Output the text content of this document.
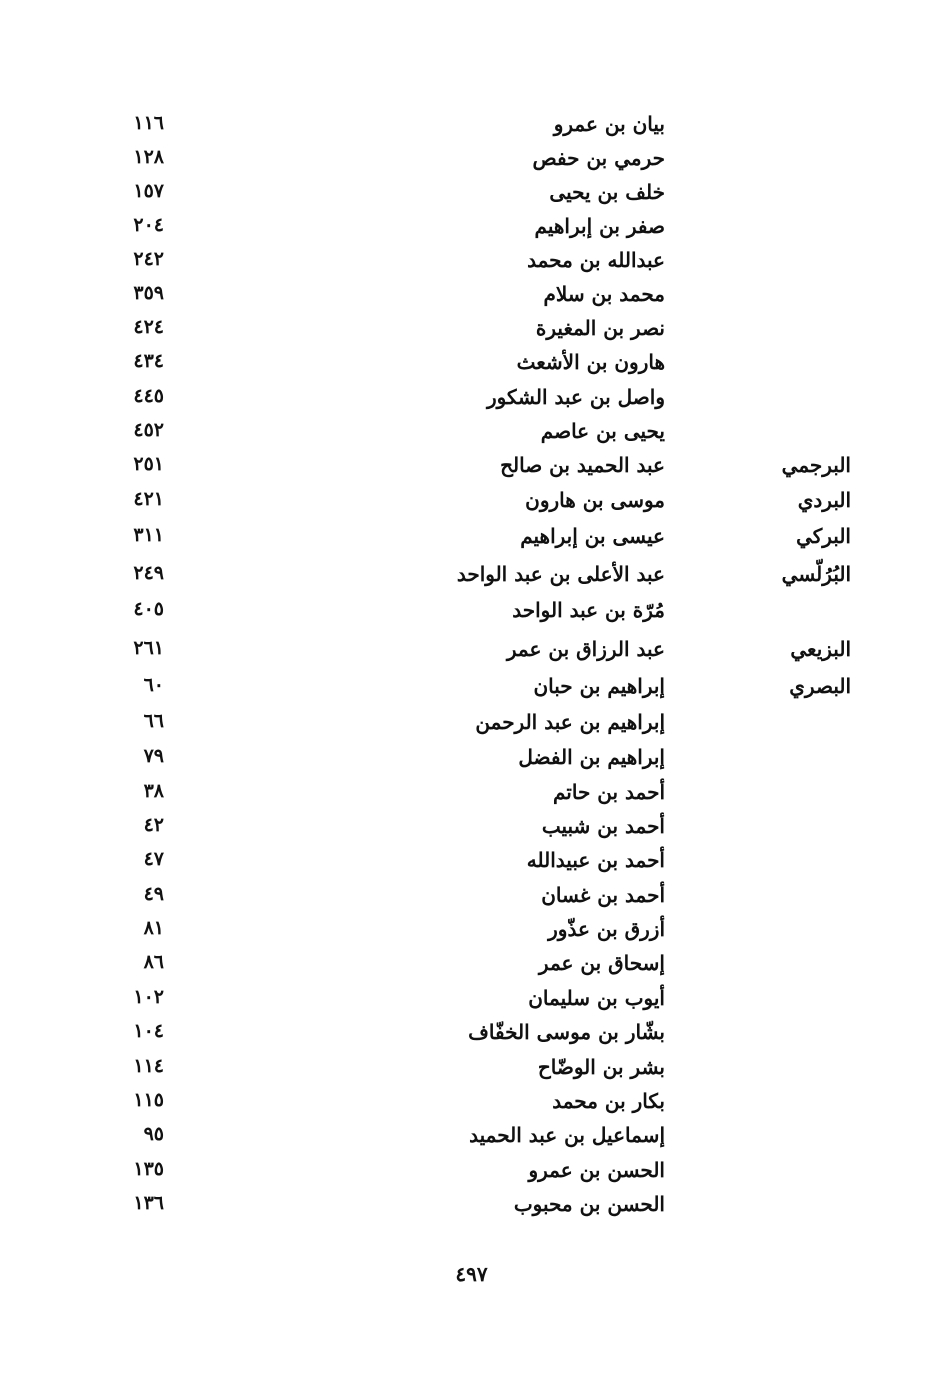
بيان بن عمرو
١١٦
حرمي بن حفص
١٢٨
خلف بن يحيى
١٥٧
صفر بن إبراهيم
٢٠٤
عبدالله بن محمد
٢٤٢
محمد بن سلام
٣٥٩
نصر بن المغيرة
٤٢٤
هارون بن الأشعث
٤٣٤
واصل بن عبد الشكور
٤٤٥
يحيى بن عاصم
٤٥٢
البرجمي
عبد الحميد بن صالح
٢٥١
البردي
موسى بن هارون
٤٢١
البركي
عيسى بن إبراهيم
٣١١
البُرُلّسي
عبد الأعلى بن عبد الواحد
٢٤٩
مُرّة بن عبد الواحد
٤٠٥
البزيعي
عبد الرزاق بن عمر
٢٦١
البصري
إبراهيم بن حبان
٦٠
إبراهيم بن عبد الرحمن
٦٦
إبراهيم بن الفضل
٧٩
أحمد بن حاتم
٣٨
أحمد بن شبيب
٤٢
أحمد بن عبيدالله
٤٧
أحمد بن غسان
٤٩
أزرق بن عذّور
٨١
إسحاق بن عمر
٨٦
أيوب بن سليمان
١٠٢
بشّار بن موسى الخفّاف
١٠٤
بشر بن الوضّاح
١١٤
بكار بن محمد
١١٥
إسماعيل بن عبد الحميد
٩٥
الحسن بن عمرو
١٣٥
الحسن بن محبوب
١٣٦
٤٩٧
